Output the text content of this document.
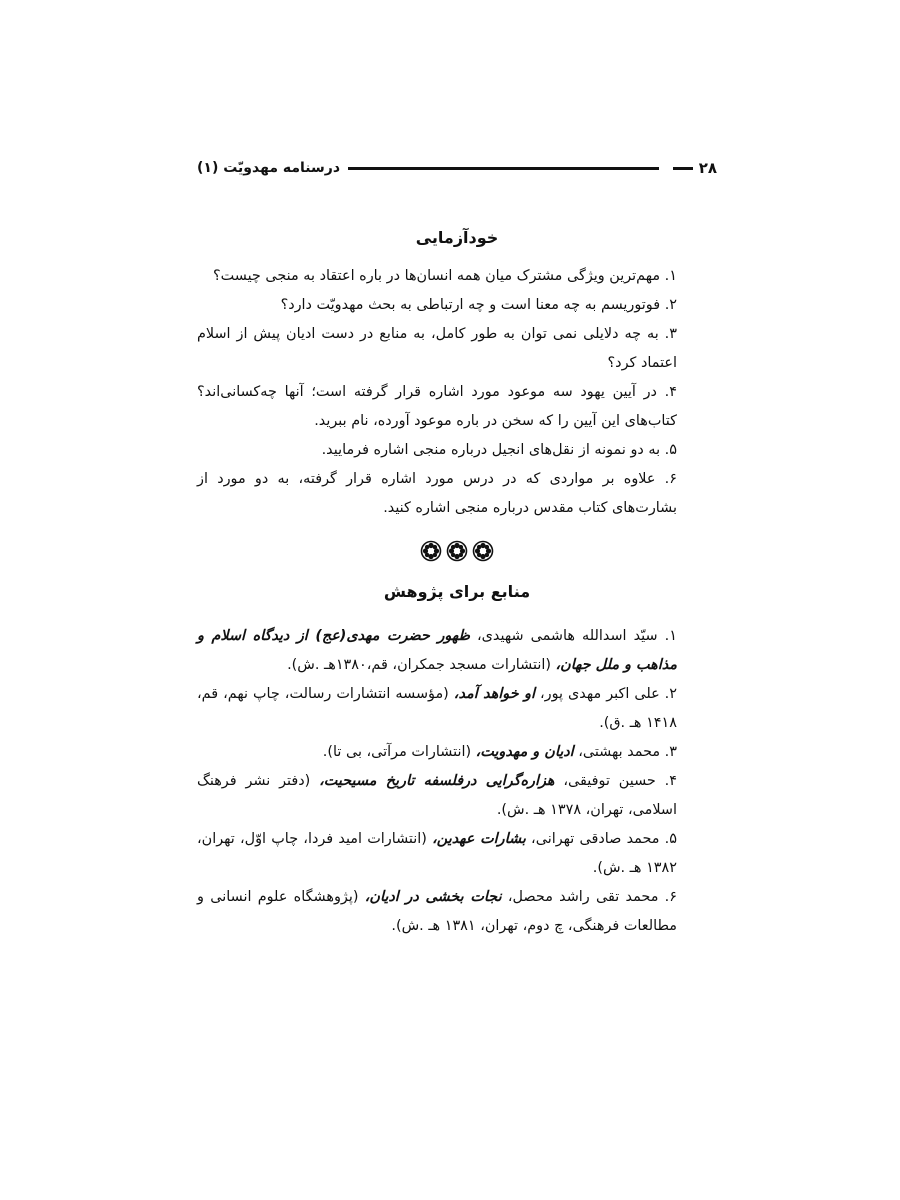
۲۸
درسنامه مهدویّت (۱)
خودآزمایی
۱. مهم‌ترین ویژگی مشترک میان همه انسان‌ها در باره اعتقاد به منجی چیست؟
۲. فوتوریسم به چه معنا است و چه ارتباطی به بحث مهدویّت دارد؟
۳. به چه دلایلی نمی توان به طور کامل، به منابع در دست ادیان پیش از اسلام اعتماد کرد؟
۴. در آیین یهود سه موعود مورد اشاره قرار گرفته است؛ آنها چه‌کسانی‌اند؟ کتاب‌های این آیین را که سخن در باره موعود آورده، نام ببرید.
۵. به دو نمونه از نقل‌های انجیل درباره منجی اشاره فرمایید.
۶. علاوه بر مواردی که در درس مورد اشاره قرار گرفته، به دو مورد از بشارت‌های کتاب مقدس درباره منجی اشاره کنید.
منابع برای پژوهش
۱. سیّد اسدالله هاشمی شهیدی، ظهور حضرت مهدی(عج) از دیدگاه اسلام و مذاهب و ملل جهان، (انتشارات مسجد جمکران، قم،۱۳۸۰هـ .ش).
۲. علی اکبر مهدی پور، او خواهد آمد، (مؤسسه انتشارات رسالت، چاپ نهم، قم، ۱۴۱۸ هـ .ق).
۳. محمد بهشتی، ادیان و مهدویت، (انتشارات مرآتی، بی تا).
۴. حسین توفیقی، هزاره‌گرایی درفلسفه تاریخ مسیحیت، (دفتر نشر فرهنگ اسلامی، تهران، ۱۳۷۸ هـ .ش).
۵. محمد صادقی تهرانی، بشارات عهدین، (انتشارات امید فردا، چاپ اوّل، تهران، ۱۳۸۲ هـ .ش).
۶. محمد تقی راشد محصل، نجات بخشی در ادیان، (پژوهشگاه علوم انسانی و مطالعات فرهنگی، چ دوم، تهران، ۱۳۸۱ هـ .ش).
